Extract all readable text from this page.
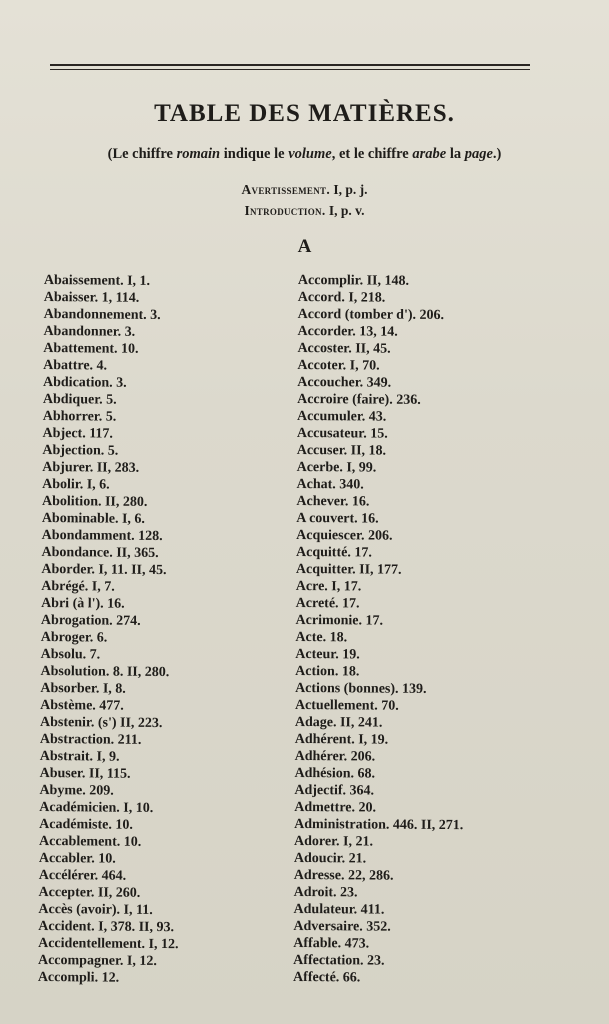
TABLE DES MATIÈRES.
(Le chiffre romain indique le volume, et le chiffre arabe la page.)
Avertissement. I, p. j.
Introduction. I, p. v.
A
Abaissement. I, 1.
Abaisser. 1, 114.
Abandonnement. 3.
Abandonner. 3.
Abattement. 10.
Abattre. 4.
Abdication. 3.
Abdiquer. 5.
Abhorrer. 5.
Abject. 117.
Abjection. 5.
Abjurer. II, 283.
Abolir. I, 6.
Abolition. II, 280.
Abominable. I, 6.
Abondamment. 128.
Abondance. II, 365.
Aborder. I, 11. II, 45.
Abrégé. I, 7.
Abri (à l'). 16.
Abrogation. 274.
Abroger. 6.
Absolu. 7.
Absolution. 8. II, 280.
Absorber. I, 8.
Abstème. 477.
Abstenir. (s') II, 223.
Abstraction. 211.
Abstrait. I, 9.
Abuser. II, 115.
Abyme. 209.
Académicien. I, 10.
Académiste. 10.
Accablement. 10.
Accabler. 10.
Accélérer. 464.
Accepter. II, 260.
Accès (avoir). I, 11.
Accident. I, 378. II, 93.
Accidentellement. I, 12.
Accompagner. I, 12.
Accompli. 12.
Accomplir. II, 148.
Accord. I, 218.
Accord (tomber d'). 206.
Accorder. 13, 14.
Accoster. II, 45.
Accoter. I, 70.
Accoucher. 349.
Accroire (faire). 236.
Accumuler. 43.
Accusateur. 15.
Accuser. II, 18.
Acerbe. I, 99.
Achat. 340.
Achever. 16.
A couvert. 16.
Acquiescer. 206.
Acquitté. 17.
Acquitter. II, 177.
Acre. I, 17.
Acreté. 17.
Acrimonie. 17.
Acte. 18.
Acteur. 19.
Action. 18.
Actions (bonnes). 139.
Actuellement. 70.
Adage. II, 241.
Adhérent. I, 19.
Adhérer. 206.
Adhésion. 68.
Adjectif. 364.
Admettre. 20.
Administration. 446. II, 271.
Adorer. I, 21.
Adoucir. 21.
Adresse. 22, 286.
Adroit. 23.
Adulateur. 411.
Adversaire. 352.
Affable. 473.
Affectation. 23.
Affecté. 66.
